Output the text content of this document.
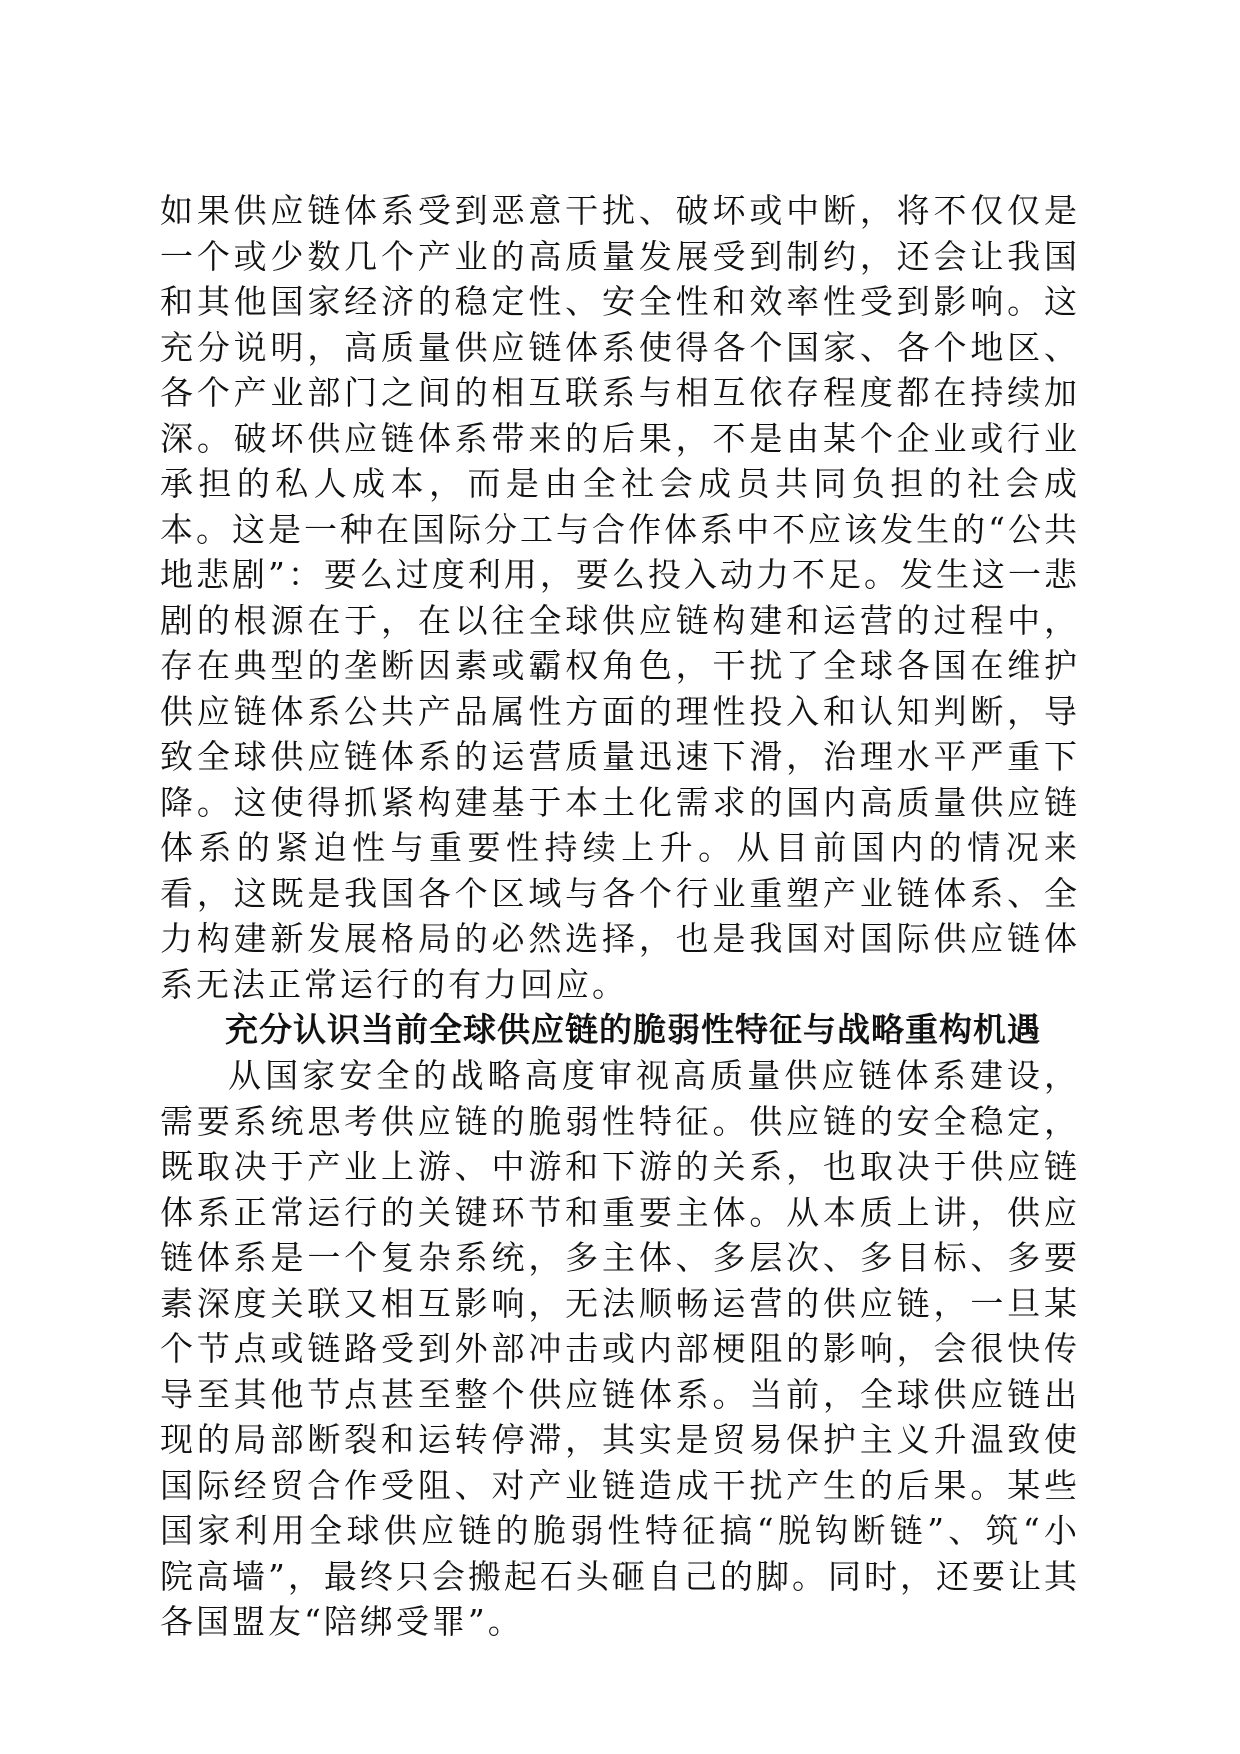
如果供应链体系受到恶意干扰、破坏或中断，将不仅仅是一个或少数几个产业的高质量发展受到制约，还会让我国和其他国家经济的稳定性、安全性和效率性受到影响。这充分说明，高质量供应链体系使得各个国家、各个地区、各个产业部门之间的相互联系与相互依存程度都在持续加深。破坏供应链体系带来的后果，不是由某个企业或行业承担的私人成本，而是由全社会成员共同负担的社会成本。这是一种在国际分工与合作体系中不应该发生的“公共地悲剧”：要么过度利用，要么投入动力不足。发生这一悲剧的根源在于，在以往全球供应链构建和运营的过程中，存在典型的垄断因素或霸权角色，干扰了全球各国在维护供应链体系公共产品属性方面的理性投入和认知判断，导致全球供应链体系的运营质量迅速下滑，治理水平严重下降。这使得抓紧构建基于本土化需求的国内高质量供应链体系的紧迫性与重要性持续上升。从目前国内的情况来看，这既是我国各个区域与各个行业重塑产业链体系、全力构建新发展格局的必然选择，也是我国对国际供应链体系无法正常运行的有力回应。

充分认识当前全球供应链的脆弱性特征与战略重构机遇

从国家安全的战略高度审视高质量供应链体系建设，需要系统思考供应链的脆弱性特征。供应链的安全稳定，既取决于产业上游、中游和下游的关系，也取决于供应链体系正常运行的关键环节和重要主体。从本质上讲，供应链体系是一个复杂系统，多主体、多层次、多目标、多要素深度关联又相互影响，无法顺畅运营的供应链，一旦某个节点或链路受到外部冲击或内部梗阻的影响，会很快传导至其他节点甚至整个供应链体系。当前，全球供应链出现的局部断裂和运转停滞，其实是贸易保护主义升温致使国际经贸合作受阻、对产业链造成干扰产生的后果。某些国家利用全球供应链的脆弱性特征搞“脱钩断链”、筑“小院高墙”，最终只会搬起石头砸自己的脚。同时，还要让其各国盟友“陪绑受罪”。
